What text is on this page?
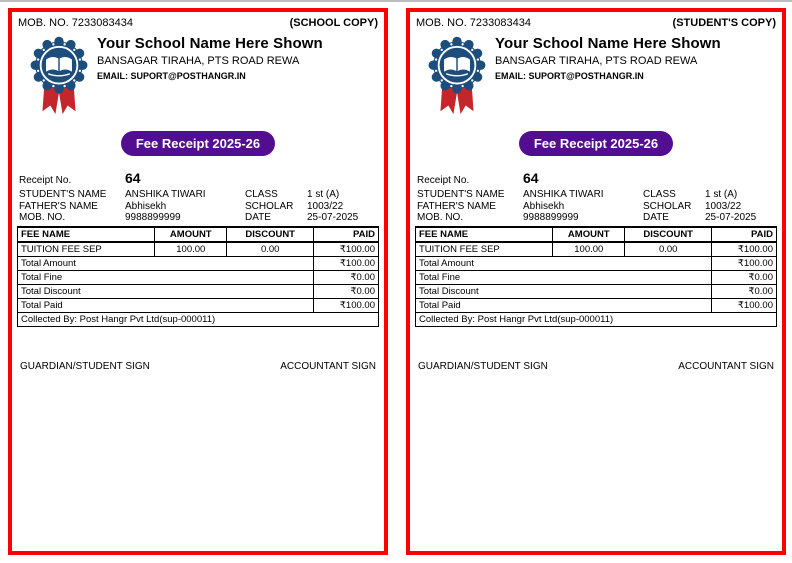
MOB. NO. 7233083434	(SCHOOL COPY)
Your School Name Here Shown
BANSAGAR TIRAHA, PTS ROAD REWA
EMAIL: SUPORT@POSTHANGR.IN
Fee Receipt 2025-26
Receipt No.	64
STUDENT'S NAME	ANSHIKA TIWARI	CLASS	1 st (A)
FATHER'S NAME	Abhisekh	SCHOLAR	1003/22
MOB. NO.	9988899999	DATE	25-07-2025
FEE NAME	AMOUNT	DISCOUNT	PAID
TUITION FEE SEP	100.00	0.00	₹100.00
Total Amount			₹100.00
Total Fine			₹0.00
Total Discount			₹0.00
Total Paid			₹100.00
Collected By: Post Hangr Pvt Ltd(sup-000011)			
GUARDIAN/STUDENT SIGN	ACCOUNTANT SIGN
MOB. NO. 7233083434	(STUDENT'S COPY)
Your School Name Here Shown
BANSAGAR TIRAHA, PTS ROAD REWA
EMAIL: SUPORT@POSTHANGR.IN
Fee Receipt 2025-26
Receipt No.	64
STUDENT'S NAME	ANSHIKA TIWARI	CLASS	1 st (A)
FATHER'S NAME	Abhisekh	SCHOLAR	1003/22
MOB. NO.	9988899999	DATE	25-07-2025
FEE NAME	AMOUNT	DISCOUNT	PAID
TUITION FEE SEP	100.00	0.00	₹100.00
Total Amount			₹100.00
Total Fine			₹0.00
Total Discount			₹0.00
Total Paid			₹100.00
Collected By: Post Hangr Pvt Ltd(sup-000011)			
GUARDIAN/STUDENT SIGN	ACCOUNTANT SIGN
